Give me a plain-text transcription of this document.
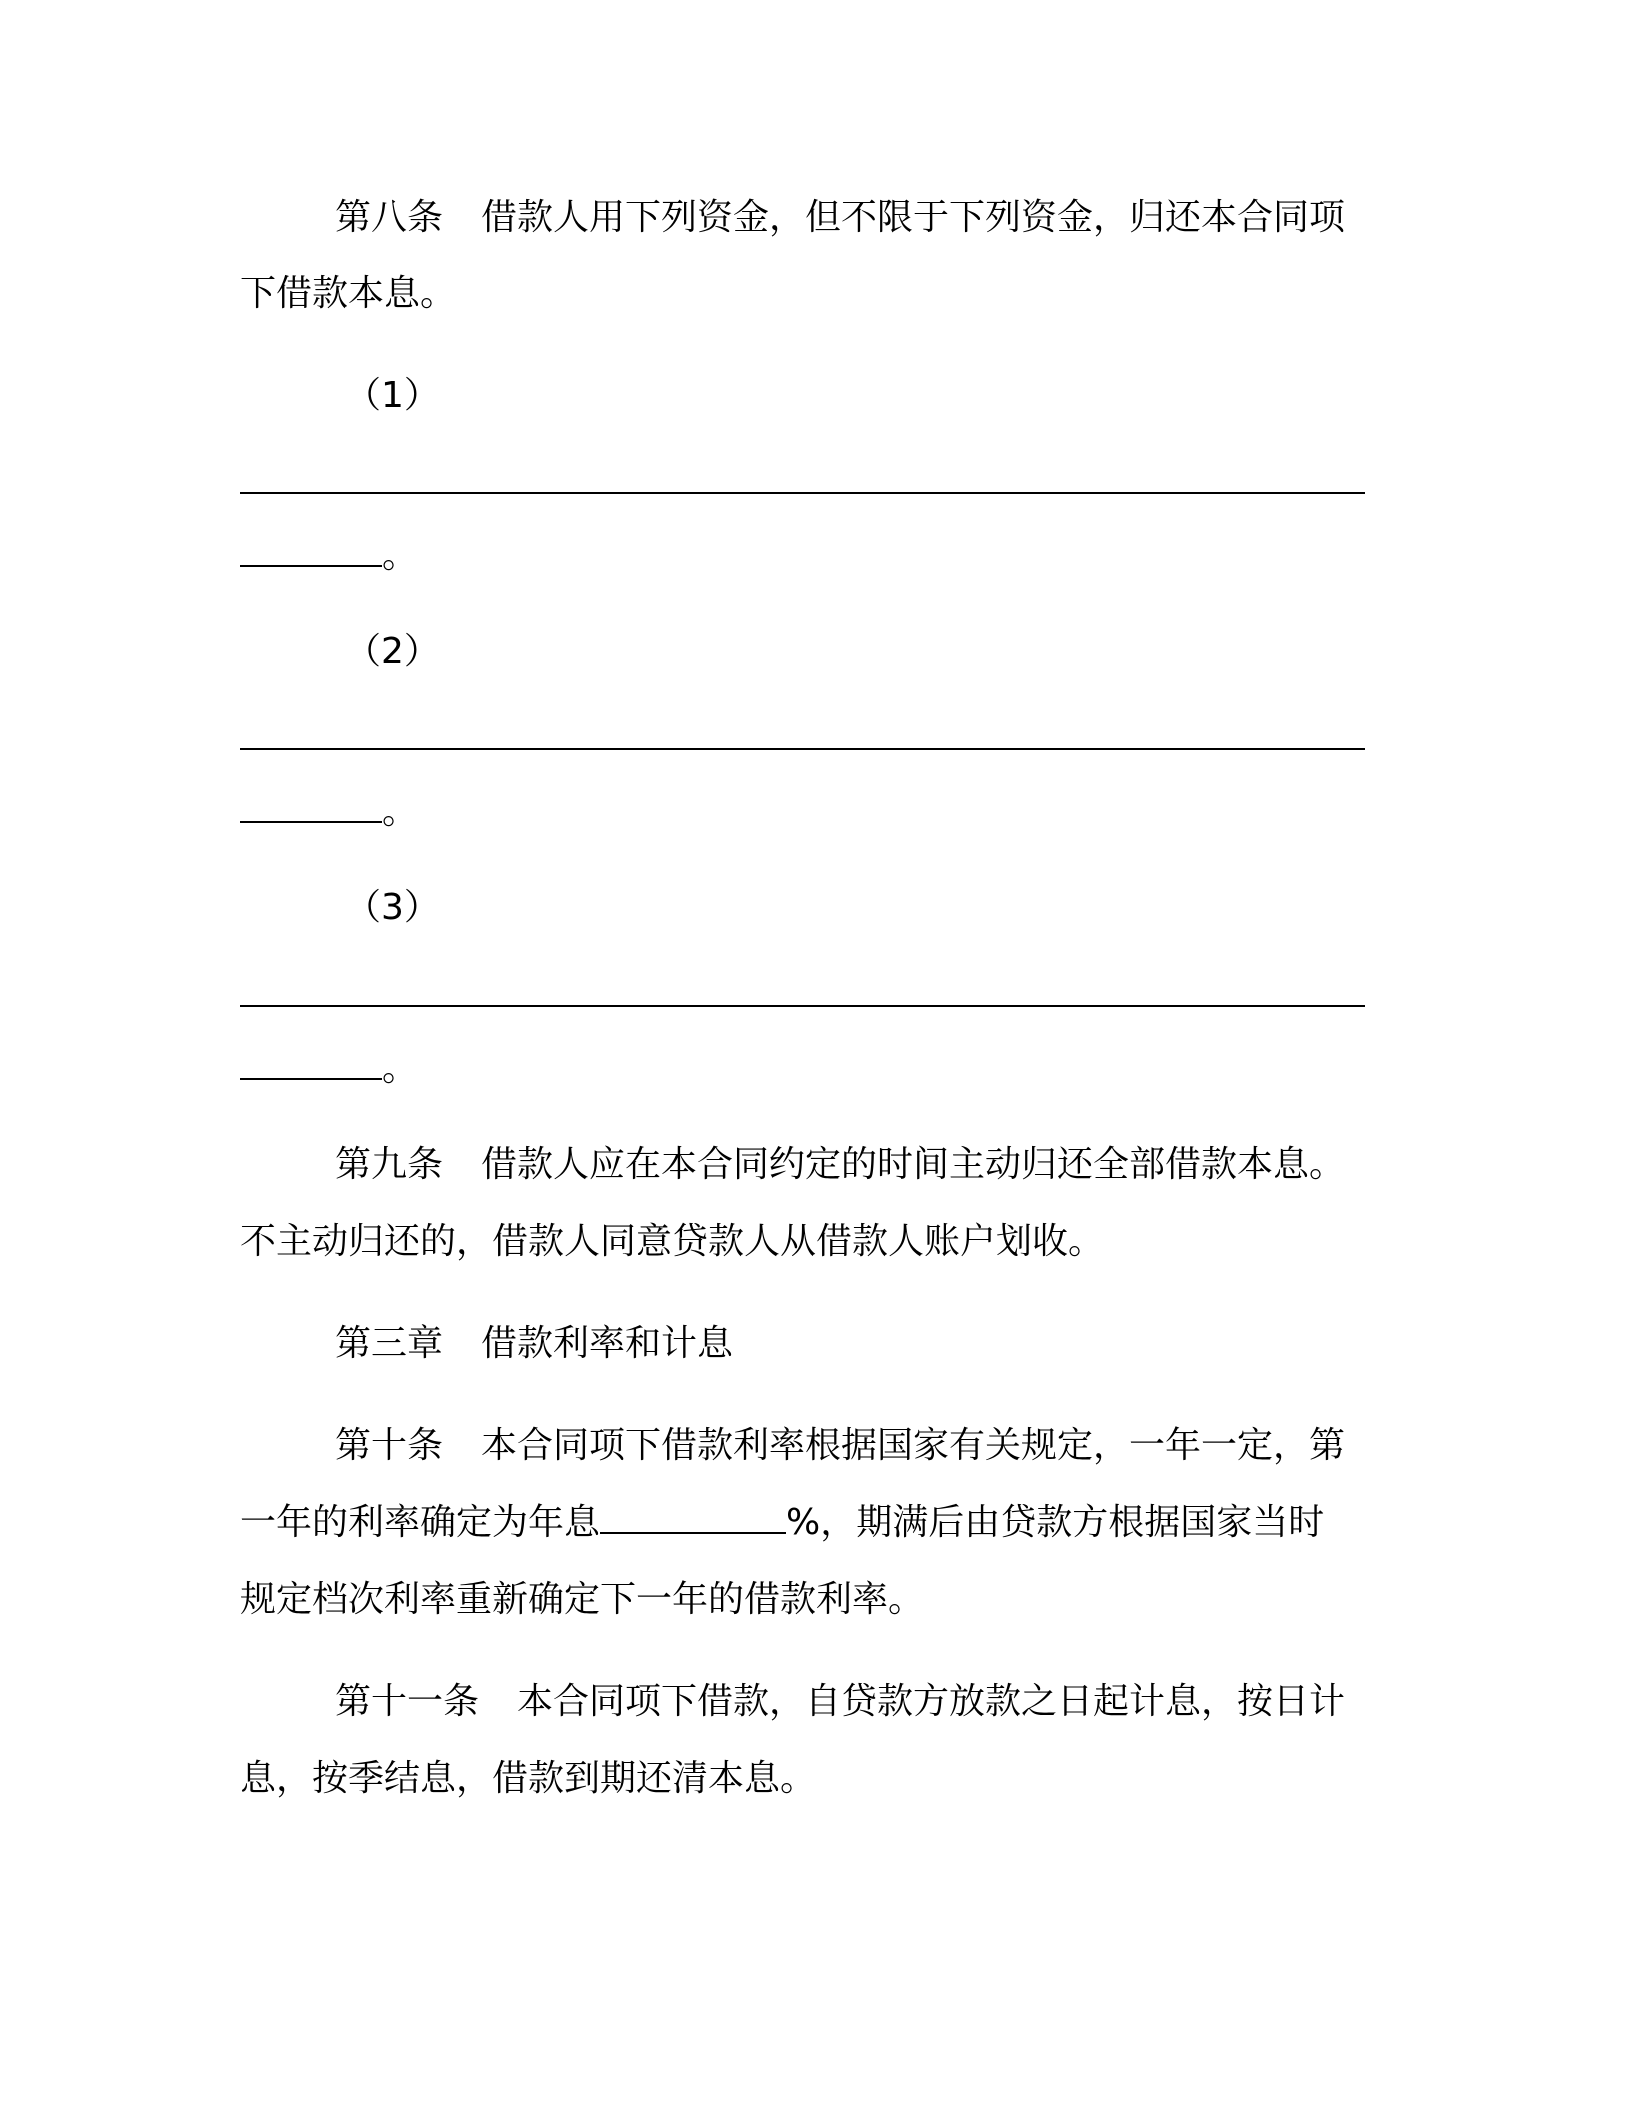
第八条 借款人用下列资金，但不限于下列资金，归还本合同项
下借款本息。
（1）
。
（2）
。
（3）
。
第九条 借款人应在本合同约定的时间主动归还全部借款本息。
不主动归还的，借款人同意贷款人从借款人账户划收。
第三章 借款利率和计息
第十条 本合同项下借款利率根据国家有关规定，一年一定，第
一年的利率确定为年息	%，期满后由贷款方根据国家当时
规定档次利率重新确定下一年的借款利率。
第十一条 本合同项下借款，自贷款方放款之日起计息，按日计
息，按季结息，借款到期还清本息。
